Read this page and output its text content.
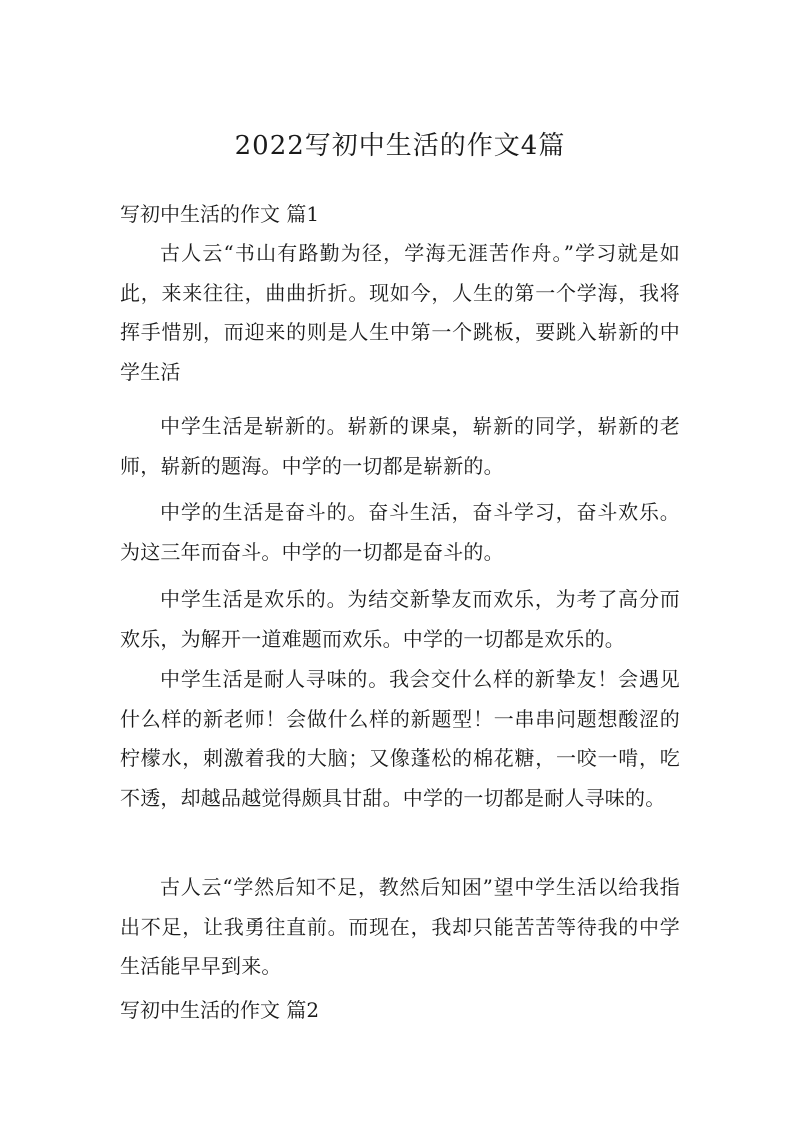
2022写初中生活的作文4篇
写初中生活的作文 篇1

古人云“书山有路勤为径，学海无涯苦作舟。”学习就是如此，来来往往，曲曲折折。现如今，人生的第一个学海，我将挥手惜别，而迎来的则是人生中第一个跳板，要跳入崭新的中学生活

中学生活是崭新的。崭新的课桌，崭新的同学，崭新的老师，崭新的题海。中学的一切都是崭新的。

中学的生活是奋斗的。奋斗生活，奋斗学习，奋斗欢乐。为这三年而奋斗。中学的一切都是奋斗的。

中学生活是欢乐的。为结交新挚友而欢乐，为考了高分而欢乐，为解开一道难题而欢乐。中学的一切都是欢乐的。

中学生活是耐人寻味的。我会交什么样的新挚友！会遇见什么样的新老师！会做什么样的新题型！一串串问题想酸涩的柠檬水，刺激着我的大脑；又像蓬松的棉花糖，一咬一啃，吃不透，却越品越觉得颇具甘甜。中学的一切都是耐人寻味的。

古人云“学然后知不足，教然后知困”望中学生活以给我指出不足，让我勇往直前。而现在，我却只能苦苦等待我的中学生活能早早到来。

写初中生活的作文 篇2
